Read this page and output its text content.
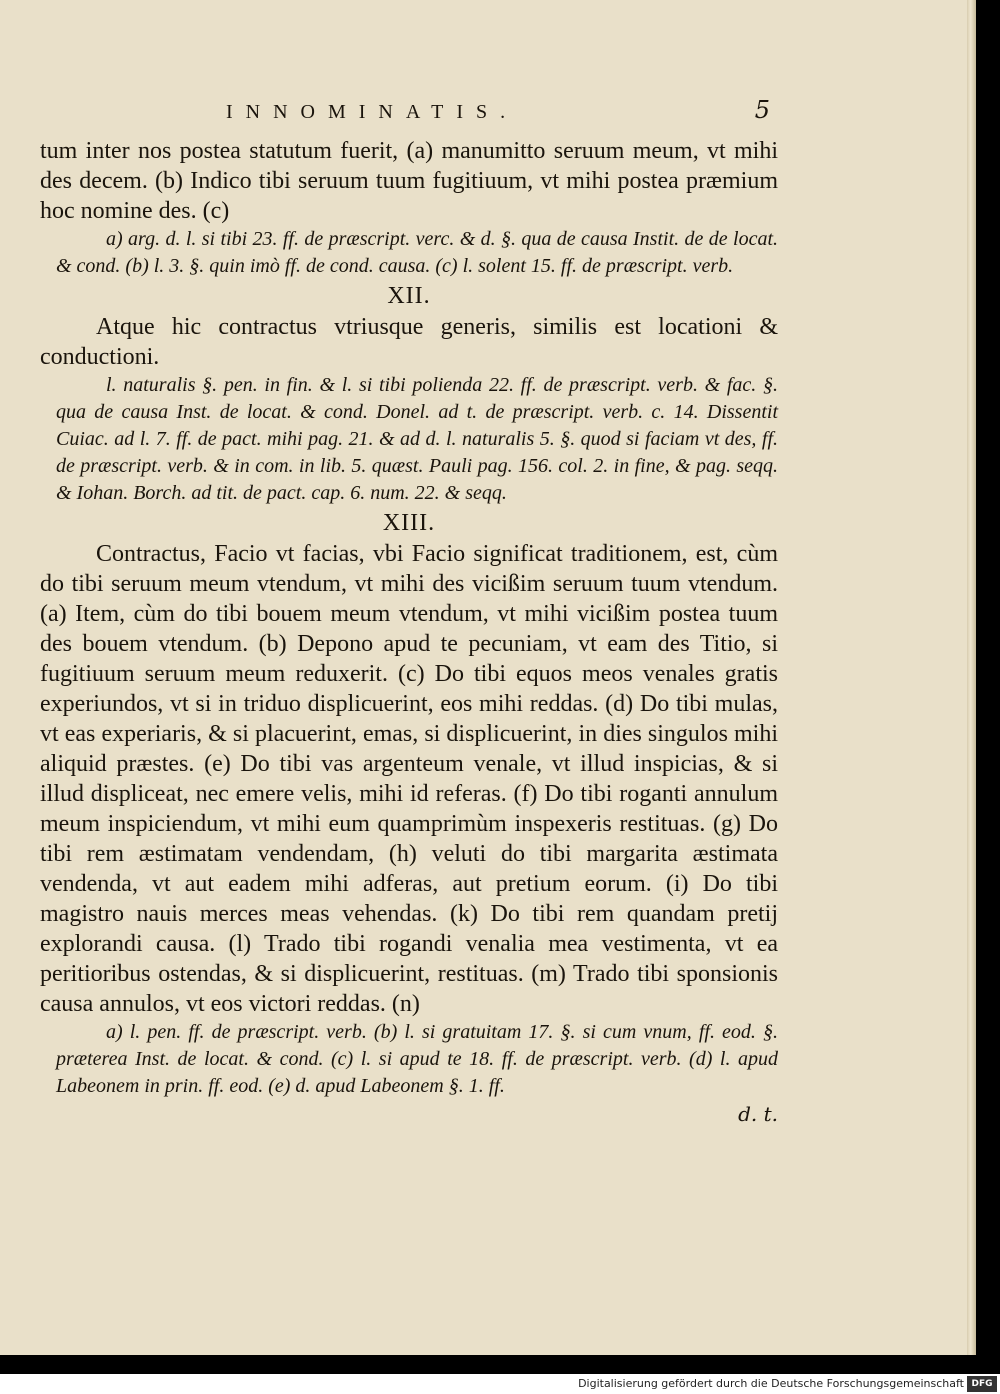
INNOMINATIS.	5

tum inter nos postea statutum fuerit, (a) manumitto seruum meum, vt mihi des decem. (b) Indico tibi seruum tuum fugitiuum, vt mihi postea præmium hoc nomine des. (c)

a) arg. d. l. si tibi 23. ff. de præscript. verc. & d. §. qua de causa Instit. de de locat. & cond. (b) l. 3. §. quin imò ff. de cond. causa. (c) l. solent 15. ff. de præscript. verb.

XII.

Atque hic contractus vtriusque generis, similis est locationi & conductioni.

l. naturalis §. pen. in fin. & l. si tibi polienda 22. ff. de præscript. verb. & fac. §. qua de causa Inst. de locat. & cond. Donel. ad t. de præscript. verb. c. 14. Dissentit Cuiac. ad l. 7. ff. de pact. mihi pag. 21. & ad d. l. naturalis 5. §. quod si faciam vt des, ff. de præscript. verb. & in com. in lib. 5. quæst. Pauli pag. 156. col. 2. in fine, & pag. seqq. & Iohan. Borch. ad tit. de pact. cap. 6. num. 22. & seqq.

XIII.

Contractus, Facio vt facias, vbi Facio significat traditionem, est, cùm do tibi seruum meum vtendum, vt mihi des vicißim seruum tuum vtendum. (a) Item, cùm do tibi bouem meum vtendum, vt mihi vicißim postea tuum des bouem vtendum. (b) Depono apud te pecuniam, vt eam des Titio, si fugitiuum seruum meum reduxerit. (c) Do tibi equos meos venales gratis experiundos, vt si in triduo displicuerint, eos mihi reddas. (d) Do tibi mulas, vt eas experiaris, & si placuerint, emas, si displicuerint, in dies singulos mihi aliquid præstes. (e) Do tibi vas argenteum venale, vt illud inspicias, & si illud displiceat, nec emere velis, mihi id referas. (f) Do tibi roganti annulum meum inspiciendum, vt mihi eum quamprimùm inspexeris restituas. (g) Do tibi rem æstimatam vendendam, (h) veluti do tibi margarita æstimata vendenda, vt aut eadem mihi adferas, aut pretium eorum. (i) Do tibi magistro nauis merces meas vehendas. (k) Do tibi rem quandam pretij explorandi causa. (l) Trado tibi rogandi venalia mea vestimenta, vt ea peritioribus ostendas, & si displicuerint, restituas. (m) Trado tibi sponsionis causa annulos, vt eos victori reddas. (n)

a) l. pen. ff. de præscript. verb. (b) l. si gratuitam 17. §. si cum vnum, ff. eod. §. præterea Inst. de locat. & cond. (c) l. si apud te 18. ff. de præscript. verb. (d) l. apud Labeonem in prin. ff. eod. (e) d. apud Labeonem §. 1. ff.

d. t.
Digitalisierung gefördert durch die Deutsche Forschungsgemeinschaft DFG
